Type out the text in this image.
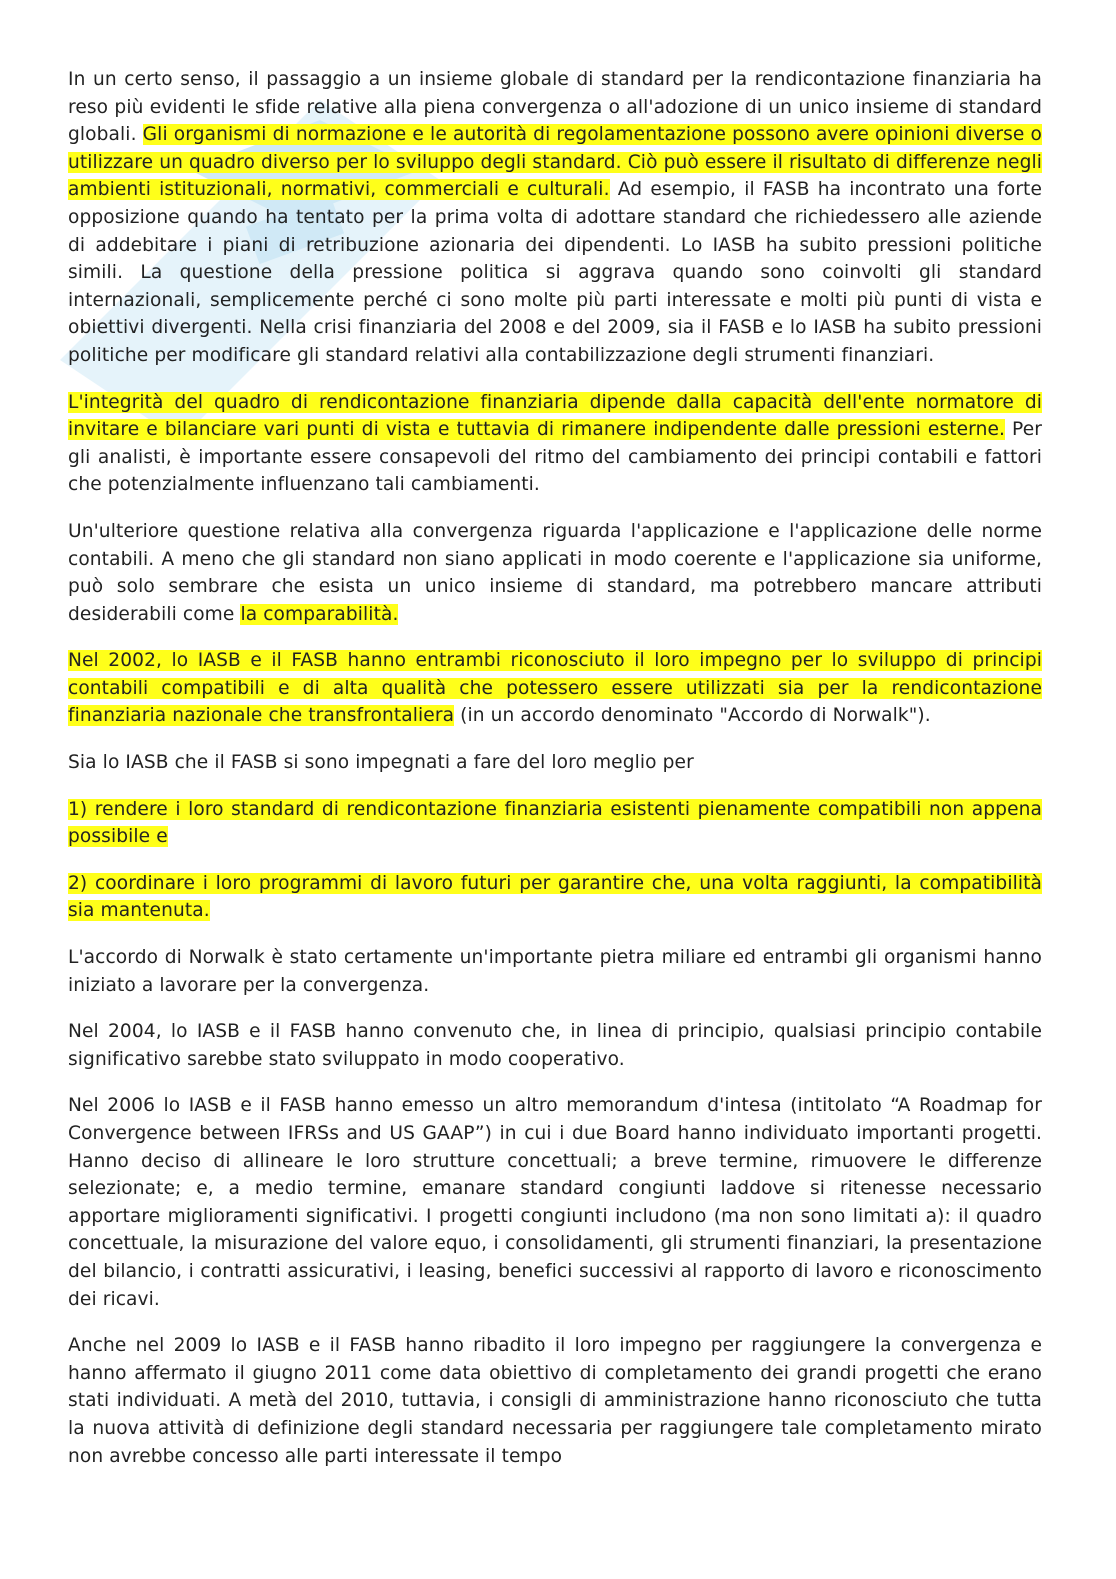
In un certo senso, il passaggio a un insieme globale di standard per la rendicontazione finanziaria ha reso più evidenti le sfide relative alla piena convergenza o all'adozione di un unico insieme di standard globali. Gli organismi di normazione e le autorità di regolamentazione possono avere opinioni diverse o utilizzare un quadro diverso per lo sviluppo degli standard. Ciò può essere il risultato di differenze negli ambienti istituzionali, normativi, commerciali e culturali. Ad esempio, il FASB ha incontrato una forte opposizione quando ha tentato per la prima volta di adottare standard che richiedessero alle aziende di addebitare i piani di retribuzione azionaria dei dipendenti. Lo IASB ha subito pressioni politiche simili. La questione della pressione politica si aggrava quando sono coinvolti gli standard internazionali, semplicemente perché ci sono molte più parti interessate e molti più punti di vista e obiettivi divergenti. Nella crisi finanziaria del 2008 e del 2009, sia il FASB e lo IASB ha subito pressioni politiche per modificare gli standard relativi alla contabilizzazione degli strumenti finanziari.

L'integrità del quadro di rendicontazione finanziaria dipende dalla capacità dell'ente normatore di invitare e bilanciare vari punti di vista e tuttavia di rimanere indipendente dalle pressioni esterne. Per gli analisti, è importante essere consapevoli del ritmo del cambiamento dei principi contabili e fattori che potenzialmente influenzano tali cambiamenti.

Un'ulteriore questione relativa alla convergenza riguarda l'applicazione e l'applicazione delle norme contabili. A meno che gli standard non siano applicati in modo coerente e l'applicazione sia uniforme, può solo sembrare che esista un unico insieme di standard, ma potrebbero mancare attributi desiderabili come la comparabilità.

Nel 2002, lo IASB e il FASB hanno entrambi riconosciuto il loro impegno per lo sviluppo di principi contabili compatibili e di alta qualità che potessero essere utilizzati sia per la rendicontazione finanziaria nazionale che transfrontaliera (in un accordo denominato "Accordo di Norwalk").

Sia lo IASB che il FASB si sono impegnati a fare del loro meglio per

1) rendere i loro standard di rendicontazione finanziaria esistenti pienamente compatibili non appena possibile e

2) coordinare i loro programmi di lavoro futuri per garantire che, una volta raggiunti, la compatibilità sia mantenuta.

L'accordo di Norwalk è stato certamente un'importante pietra miliare ed entrambi gli organismi hanno iniziato a lavorare per la convergenza.

Nel 2004, lo IASB e il FASB hanno convenuto che, in linea di principio, qualsiasi principio contabile significativo sarebbe stato sviluppato in modo cooperativo.

Nel 2006 lo IASB e il FASB hanno emesso un altro memorandum d'intesa (intitolato “A Roadmap for Convergence between IFRSs and US GAAP”) in cui i due Board hanno individuato importanti progetti. Hanno deciso di allineare le loro strutture concettuali; a breve termine, rimuovere le differenze selezionate; e, a medio termine, emanare standard congiunti laddove si ritenesse necessario apportare miglioramenti significativi. I progetti congiunti includono (ma non sono limitati a): il quadro concettuale, la misurazione del valore equo, i consolidamenti, gli strumenti finanziari, la presentazione del bilancio, i contratti assicurativi, i leasing, benefici successivi al rapporto di lavoro e riconoscimento dei ricavi.

Anche nel 2009 lo IASB e il FASB hanno ribadito il loro impegno per raggiungere la convergenza e hanno affermato il giugno 2011 come data obiettivo di completamento dei grandi progetti che erano stati individuati. A metà del 2010, tuttavia, i consigli di amministrazione hanno riconosciuto che tutta la nuova attività di definizione degli standard necessaria per raggiungere tale completamento mirato non avrebbe concesso alle parti interessate il tempo
